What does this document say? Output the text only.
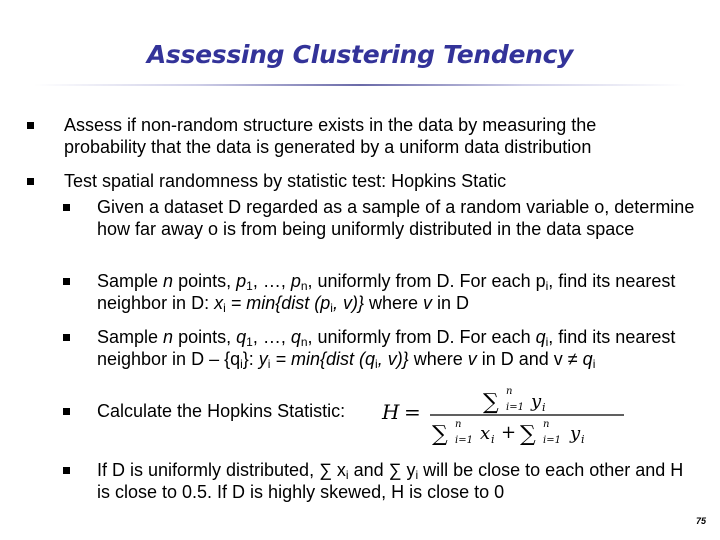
Assessing Clustering Tendency
Assess if non-random structure exists in the data by measuring the probability that the data is generated by a uniform data distribution
Test spatial randomness by statistic test: Hopkins Static
Given a dataset D regarded as a sample of a random variable o, determine how far away o is from being uniformly distributed in the data space
Sample n points, $p_1$, …, $p_n$, uniformly from D. For each $p_i$, find its nearest neighbor in D: $x_i$ = min{dist ($p_i$, v)} where v in D
Sample n points, $q_1$, …, $q_n$, uniformly from D. For each $q_i$, find its nearest neighbor in D – $\{q_i\}$: $y_i$ = min{dist ($q_i$, v)} where v in D and $v \ne q_i$
Calculate the Hopkins Statistic:	H =	∑ n
i=1 y i
∑ n
i=1 x i + ∑ n
i=1 y i
If D is uniformly distributed, ∑ $x_i$ and ∑ $y_i$ will be close to each other and H is close to 0.5. If D is highly skewed, H is close to 0
75
